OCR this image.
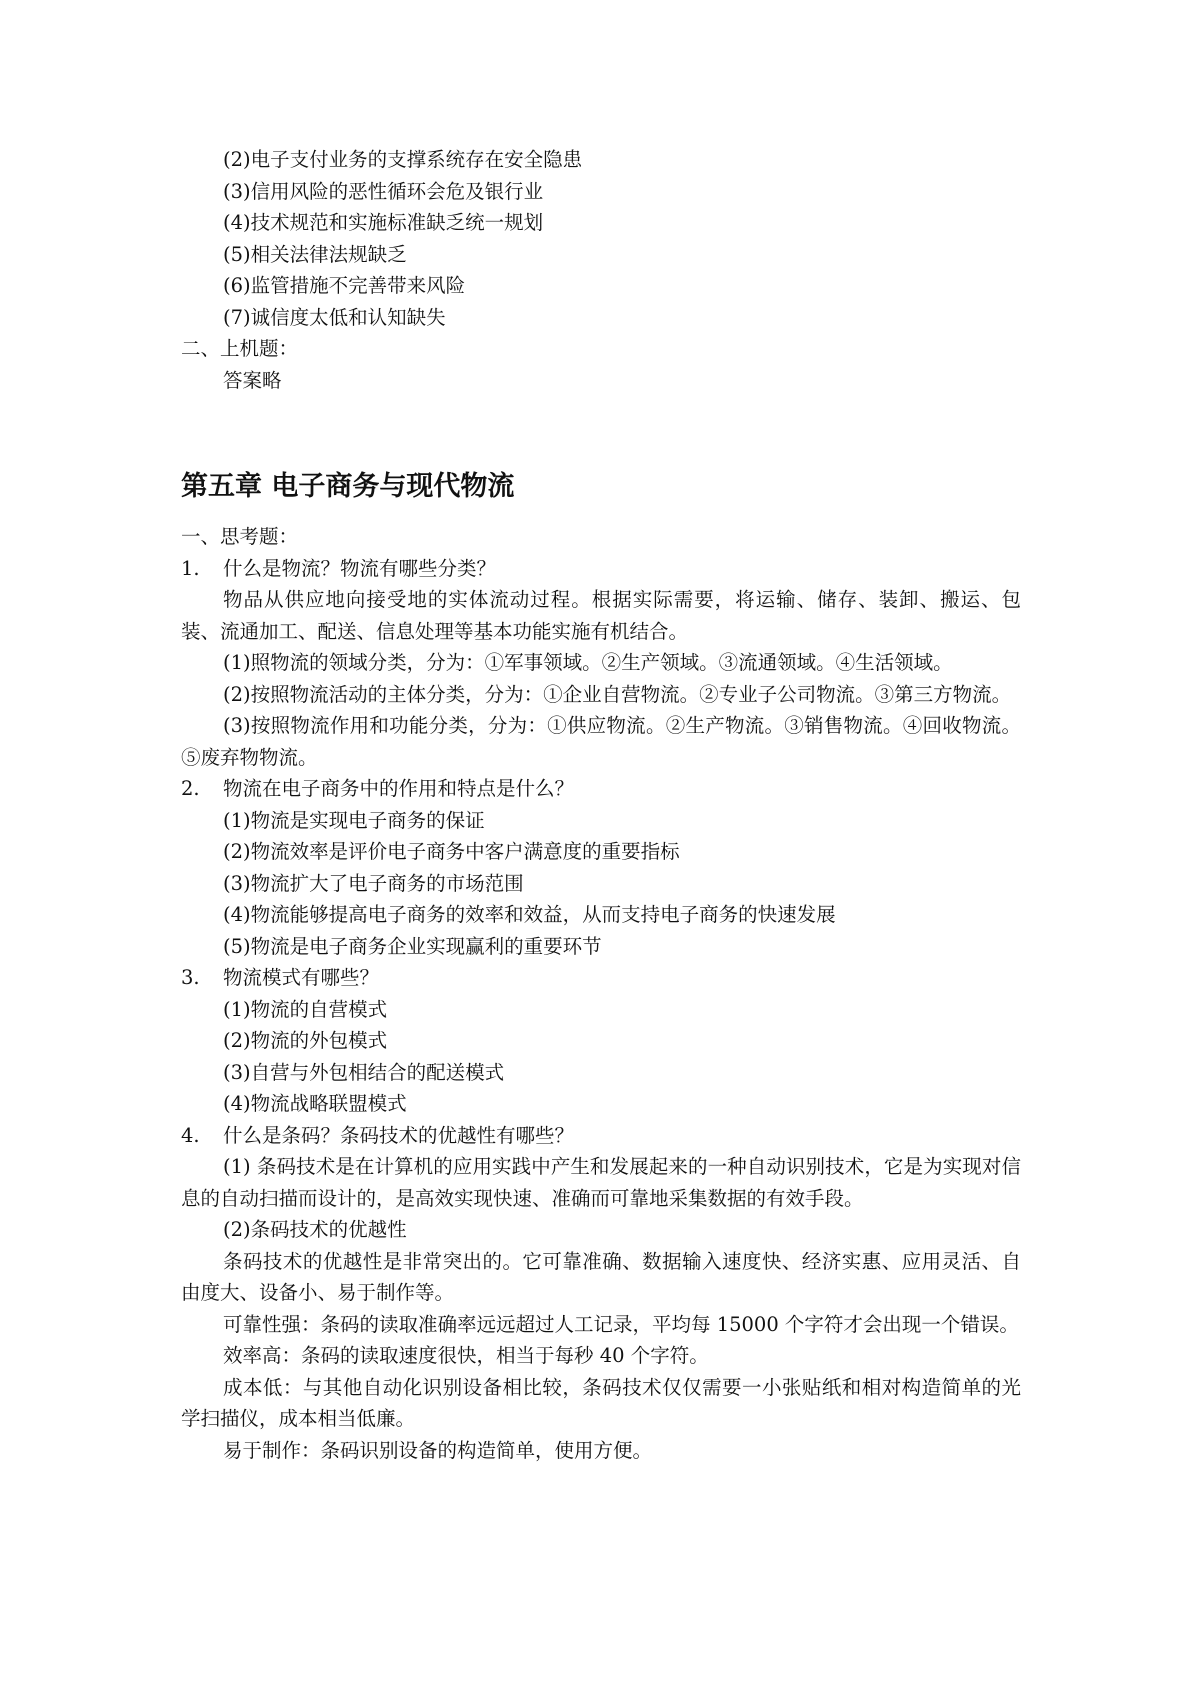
(2)电子支付业务的支撑系统存在安全隐患

(3)信用风险的恶性循环会危及银行业

(4)技术规范和实施标准缺乏统一规划

(5)相关法律法规缺乏

(6)监管措施不完善带来风险

(7)诚信度太低和认知缺失

二、上机题：

答案略

第五章 电子商务与现代物流

一、思考题：

1. 什么是物流？物流有哪些分类？

物品从供应地向接受地的实体流动过程。根据实际需要，将运输、储存、装卸、搬运、包装、流通加工、配送、信息处理等基本功能实施有机结合。

(1)照物流的领域分类，分为：①军事领域。②生产领域。③流通领域。④生活领域。

(2)按照物流活动的主体分类，分为：①企业自营物流。②专业子公司物流。③第三方物流。

(3)按照物流作用和功能分类，分为：①供应物流。②生产物流。③销售物流。④回收物流。⑤废弃物物流。

2. 物流在电子商务中的作用和特点是什么？

(1)物流是实现电子商务的保证

(2)物流效率是评价电子商务中客户满意度的重要指标

(3)物流扩大了电子商务的市场范围

(4)物流能够提高电子商务的效率和效益，从而支持电子商务的快速发展

(5)物流是电子商务企业实现赢利的重要环节

3. 物流模式有哪些？

(1)物流的自营模式

(2)物流的外包模式

(3)自营与外包相结合的配送模式

(4)物流战略联盟模式

4. 什么是条码？条码技术的优越性有哪些？

(1) 条码技术是在计算机的应用实践中产生和发展起来的一种自动识别技术，它是为实现对信息的自动扫描而设计的，是高效实现快速、准确而可靠地采集数据的有效手段。

(2)条码技术的优越性

条码技术的优越性是非常突出的。它可靠准确、数据输入速度快、经济实惠、应用灵活、自由度大、设备小、易于制作等。

可靠性强：条码的读取准确率远远超过人工记录，平均每 15000 个字符才会出现一个错误。

效率高：条码的读取速度很快，相当于每秒 40 个字符。

成本低：与其他自动化识别设备相比较，条码技术仅仅需要一小张贴纸和相对构造简单的光学扫描仪，成本相当低廉。

易于制作：条码识别设备的构造简单，使用方便。
